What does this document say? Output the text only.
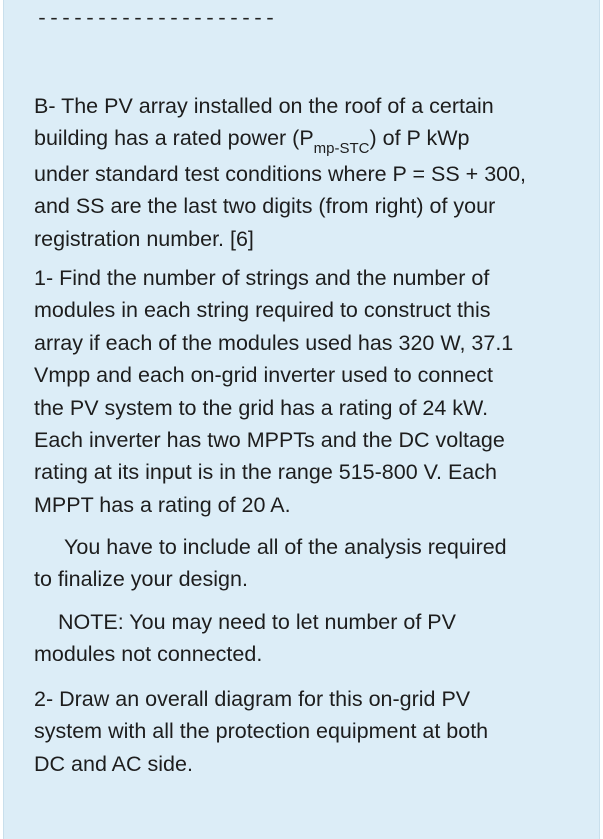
--------------------
B- The PV array installed on the roof of a certain
building has a rated power $(P_{mp-STC})$ of P kWp
under standard test conditions where P = SS + 300,
and SS are the last two digits (from right) of your
registration number. [6]
1- Find the number of strings and the number of
modules in each string required to construct this
array if each of the modules used has 320 W, 37.1
Vmpp and each on-grid inverter used to connect
the PV system to the grid has a rating of 24 kW.
Each inverter has two MPPTs and the DC voltage
rating at its input is in the range 515-800 V. Each
MPPT has a rating of 20 A.
You have to include all of the analysis required
to finalize your design.
NOTE: You may need to let number of PV
modules not connected.
2- Draw an overall diagram for this on-grid PV
system with all the protection equipment at both
DC and AC side.
